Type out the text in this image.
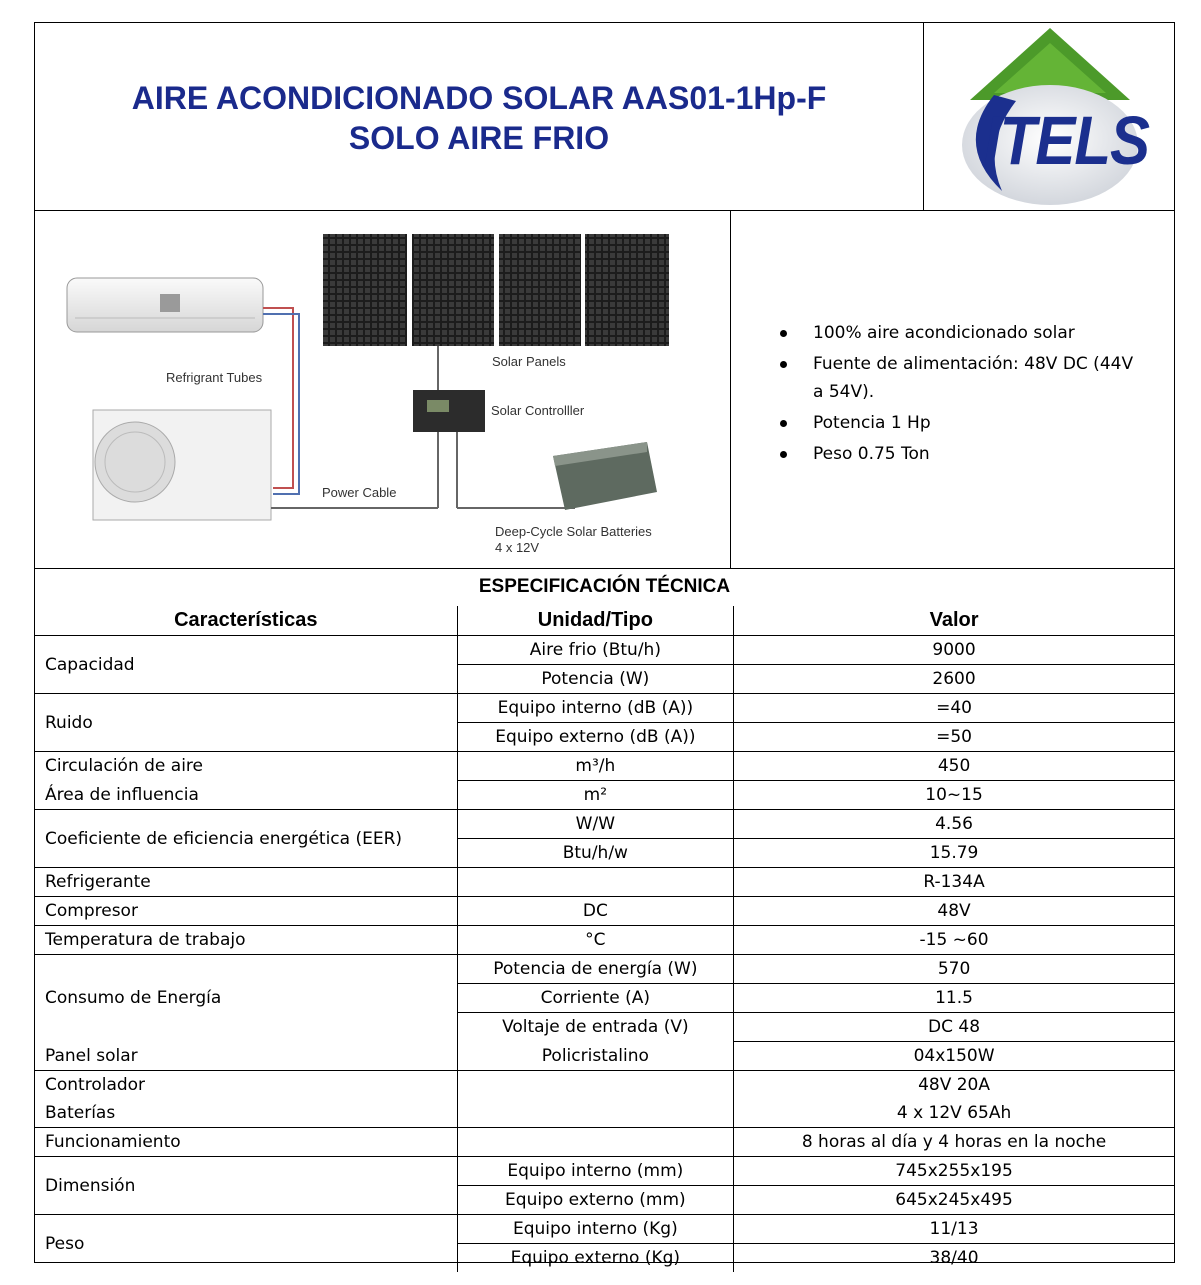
AIRE ACONDICIONADO SOLAR AAS01-1Hp-F
SOLO AIRE FRIO	ITELS
Refrigrant Tubes
Solar Panels
Solar Controlller
Power Cable
Deep-Cycle Solar Batteries
4 x 12V
100% aire acondicionado solar
Fuente de alimentación: 48V DC (44V a 54V).
Potencia 1 Hp
Peso 0.75 Ton
ESPECIFICACIÓN TÉCNICA
Características	Unidad/Tipo	Valor
Capacidad	Aire frio (Btu/h)	9000
	Potencia (W)	2600
Ruido	Equipo interno (dB (A))	=40
	Equipo externo (dB (A))	=50
Circulación de aire	m³/h	450
Área de influencia	m²	10~15
Coeficiente de eficiencia energética (EER)	W/W	4.56
	Btu/h/w	15.79
Refrigerante		R-134A
Compresor	DC	48V
Temperatura de trabajo	°C	-15 ~60
Consumo de Energía	Potencia de energía (W)	570
	Corriente (A)	11.5
	Voltaje de entrada (V)	DC 48
Panel solar	Policristalino	04x150W
Controlador		48V 20A
Baterías		4 x 12V 65Ah
Funcionamiento		8 horas al día y 4 horas en la noche
Dimensión	Equipo interno (mm)	745x255x195
	Equipo externo (mm)	645x245x495
Peso	Equipo interno (Kg)	11/13
	Equipo externo (Kg)	38/40
